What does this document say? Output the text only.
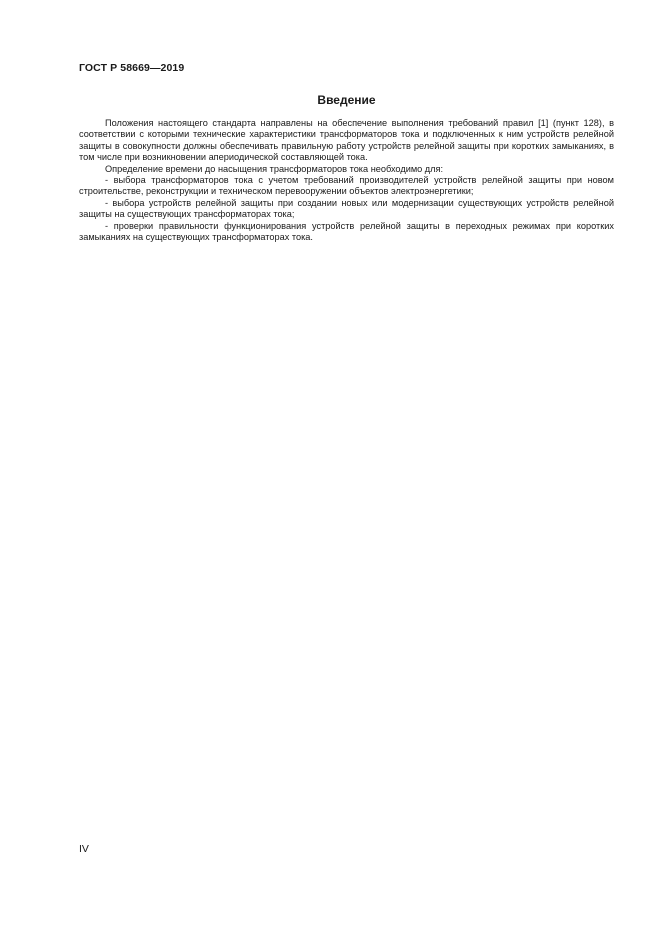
ГОСТ Р 58669—2019
Введение

Положения настоящего стандарта направлены на обеспечение выполнения требований правил [1] (пункт 128), в соответствии с которыми технические характеристики трансформаторов тока и подключенных к ним устройств релейной защиты в совокупности должны обеспечивать правильную работу устройств релейной защиты при коротких замыканиях, в том числе при возникновении апериодической составляющей тока.

Определение времени до насыщения трансформаторов тока необходимо для:

- выбора трансформаторов тока с учетом требований производителей устройств релейной защиты при новом строительстве, реконструкции и техническом перевооружении объектов электроэнергетики;

- выбора устройств релейной защиты при создании новых или модернизации существующих устройств релейной защиты на существующих трансформаторах тока;

- проверки правильности функционирования устройств релейной защиты в переходных режимах при коротких замыканиях на существующих трансформаторах тока.

IV
